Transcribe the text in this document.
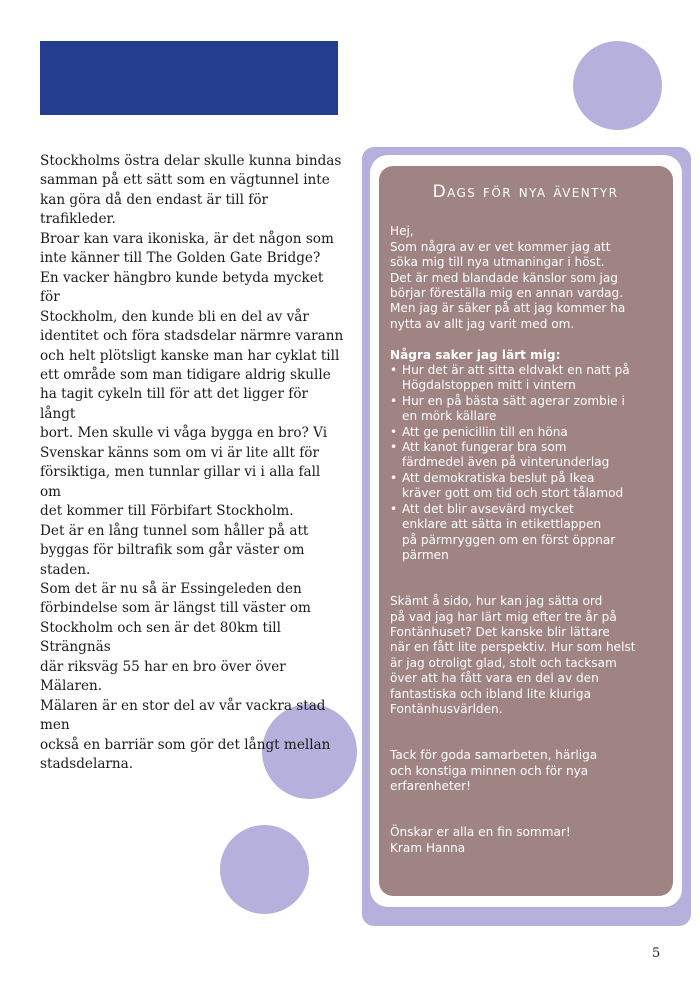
Stockholms östra delar skulle kunna bindas

samman på ett sätt som en vägtunnel inte

kan göra då den endast är till för trafikleder.

Broar kan vara ikoniska, är det någon som

inte känner till The Golden Gate Bridge?

En vacker hängbro kunde betyda mycket för

Stockholm, den kunde bli en del av vår

identitet och föra stadsdelar närmre varann

och helt plötsligt kanske man har cyklat till

ett område som man tidigare aldrig skulle

ha tagit cykeln till för att det ligger för långt

bort. Men skulle vi våga bygga en bro? Vi

Svenskar känns som om vi är lite allt för

försiktiga, men tunnlar gillar vi i alla fall om

det kommer till Förbifart Stockholm.

Det är en lång tunnel som håller på att

byggas för biltrafik som går väster om staden.

Som det är nu så är Essingeleden den

förbindelse som är längst till väster om

Stockholm och sen är det 80km till Strängnäs

där riksväg 55 har en bro över över Mälaren.

Mälaren är en stor del av vår vackra stad men

också en barriär som gör det långt mellan

stadsdelarna.

Dags för nya äventyr

Hej,

Som några av er vet kommer jag att

söka mig till nya utmaningar i höst.

Det är med blandade känslor som jag

börjar föreställa mig en annan vardag.

Men jag är säker på att jag kommer ha

nytta av allt jag varit med om.

Några saker jag lärt mig:

• Hur det är att sitta eldvakt en natt på
Högdalstoppen mitt i vintern
• Hur en på bästa sätt agerar zombie i
en mörk källare
• Att ge penicillin till en höna
• Att kanot fungerar bra som
färdmedel även på vinterunderlag
• Att demokratiska beslut på Ikea
kräver gott om tid och stort tålamod
• Att det blir avsevärd mycket
enklare att sätta in etikettlappen
på pärmryggen om en först öppnar
pärmen

Skämt å sido, hur kan jag sätta ord

på vad jag har lärt mig efter tre år på

Fontänhuset? Det kanske blir lättare

när en fått lite perspektiv. Hur som helst

är jag otroligt glad, stolt och tacksam

över att ha fått vara en del av den

fantastiska och ibland lite kluriga

Fontänhusvärlden.

Tack för goda samarbeten, härliga

och konstiga minnen och för nya

erfarenheter!

Önskar er alla en fin sommar!

Kram Hanna

5
